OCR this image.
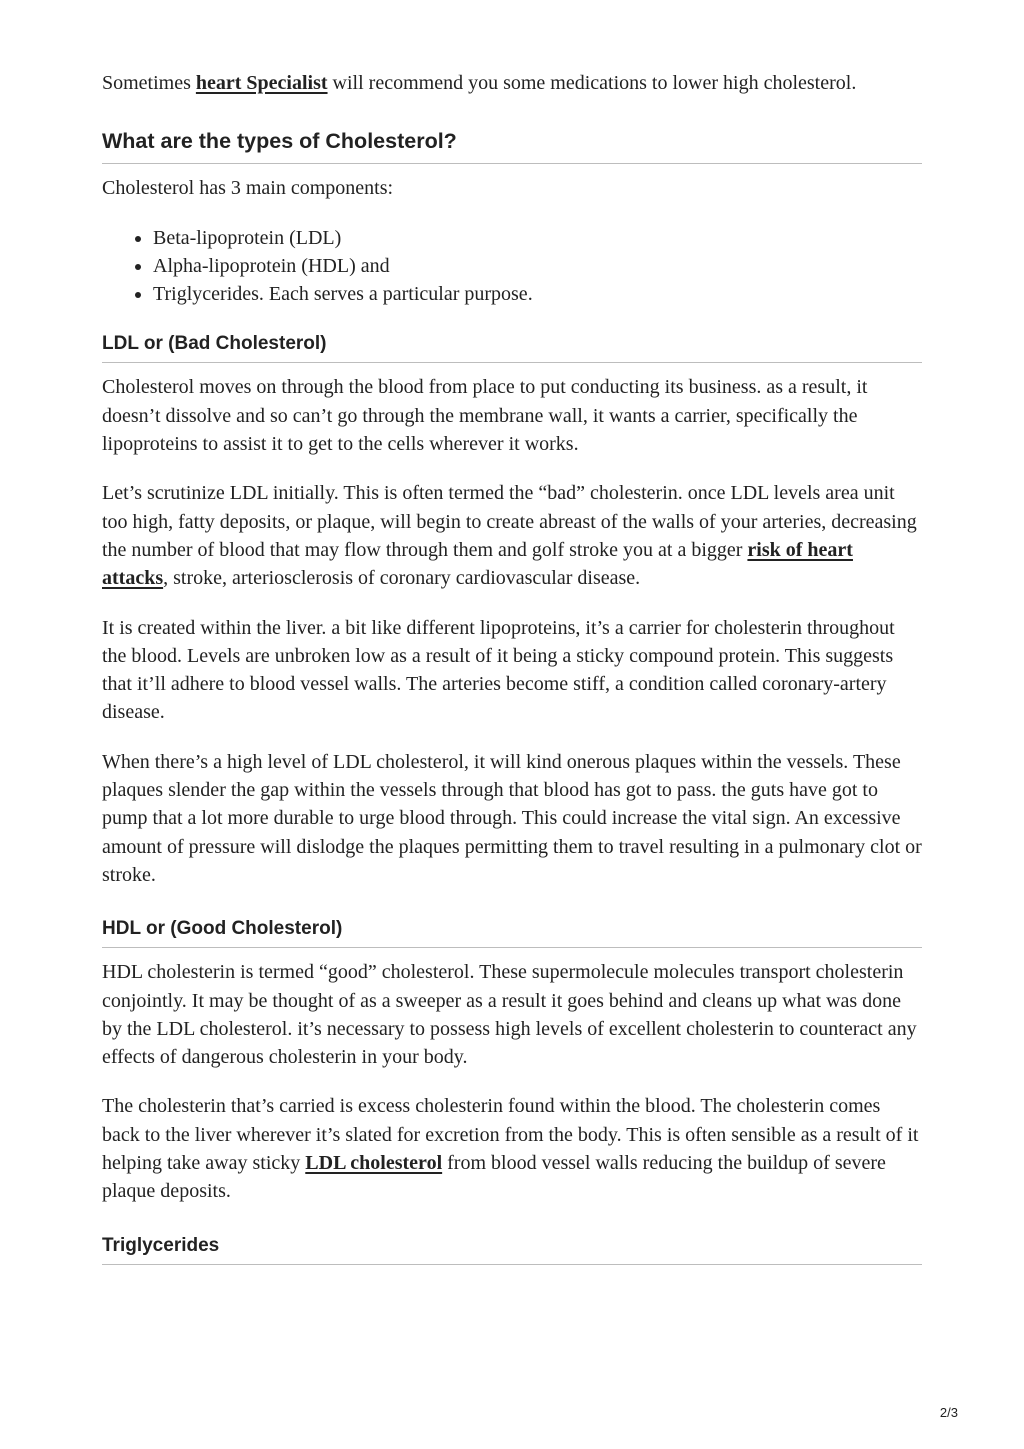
Sometimes heart Specialist will recommend you some medications to lower high cholesterol.

What are the types of Cholesterol?

Cholesterol has 3 main components:

• Beta-lipoprotein (LDL)
• Alpha-lipoprotein (HDL) and
• Triglycerides. Each serves a particular purpose.
LDL or (Bad Cholesterol)

Cholesterol moves on through the blood from place to put conducting its business. as a result, it doesn’t dissolve and so can’t go through the membrane wall, it wants a carrier, specifically the lipoproteins to assist it to get to the cells wherever it works.

Let’s scrutinize LDL initially. This is often termed the “bad” cholesterin. once LDL levels area unit too high, fatty deposits, or plaque, will begin to create abreast of the walls of your arteries, decreasing the number of blood that may flow through them and golf stroke you at a bigger risk of heart attacks, stroke, arteriosclerosis of coronary cardiovascular disease.

It is created within the liver. a bit like different lipoproteins, it’s a carrier for cholesterin throughout the blood. Levels are unbroken low as a result of it being a sticky compound protein. This suggests that it’ll adhere to blood vessel walls. The arteries become stiff, a condition called coronary-artery disease.

When there’s a high level of LDL cholesterol, it will kind onerous plaques within the vessels. These plaques slender the gap within the vessels through that blood has got to pass. the guts have got to pump that a lot more durable to urge blood through. This could increase the vital sign. An excessive amount of pressure will dislodge the plaques permitting them to travel resulting in a pulmonary clot or stroke.

HDL or (Good Cholesterol)

HDL cholesterin is termed “good” cholesterol. These supermolecule molecules transport cholesterin conjointly. It may be thought of as a sweeper as a result it goes behind and cleans up what was done by the LDL cholesterol. it’s necessary to possess high levels of excellent cholesterin to counteract any effects of dangerous cholesterin in your body.

The cholesterin that’s carried is excess cholesterin found within the blood. The cholesterin comes back to the liver wherever it’s slated for excretion from the body. This is often sensible as a result of it helping take away sticky LDL cholesterol from blood vessel walls reducing the buildup of severe plaque deposits.

Triglycerides
2/3
